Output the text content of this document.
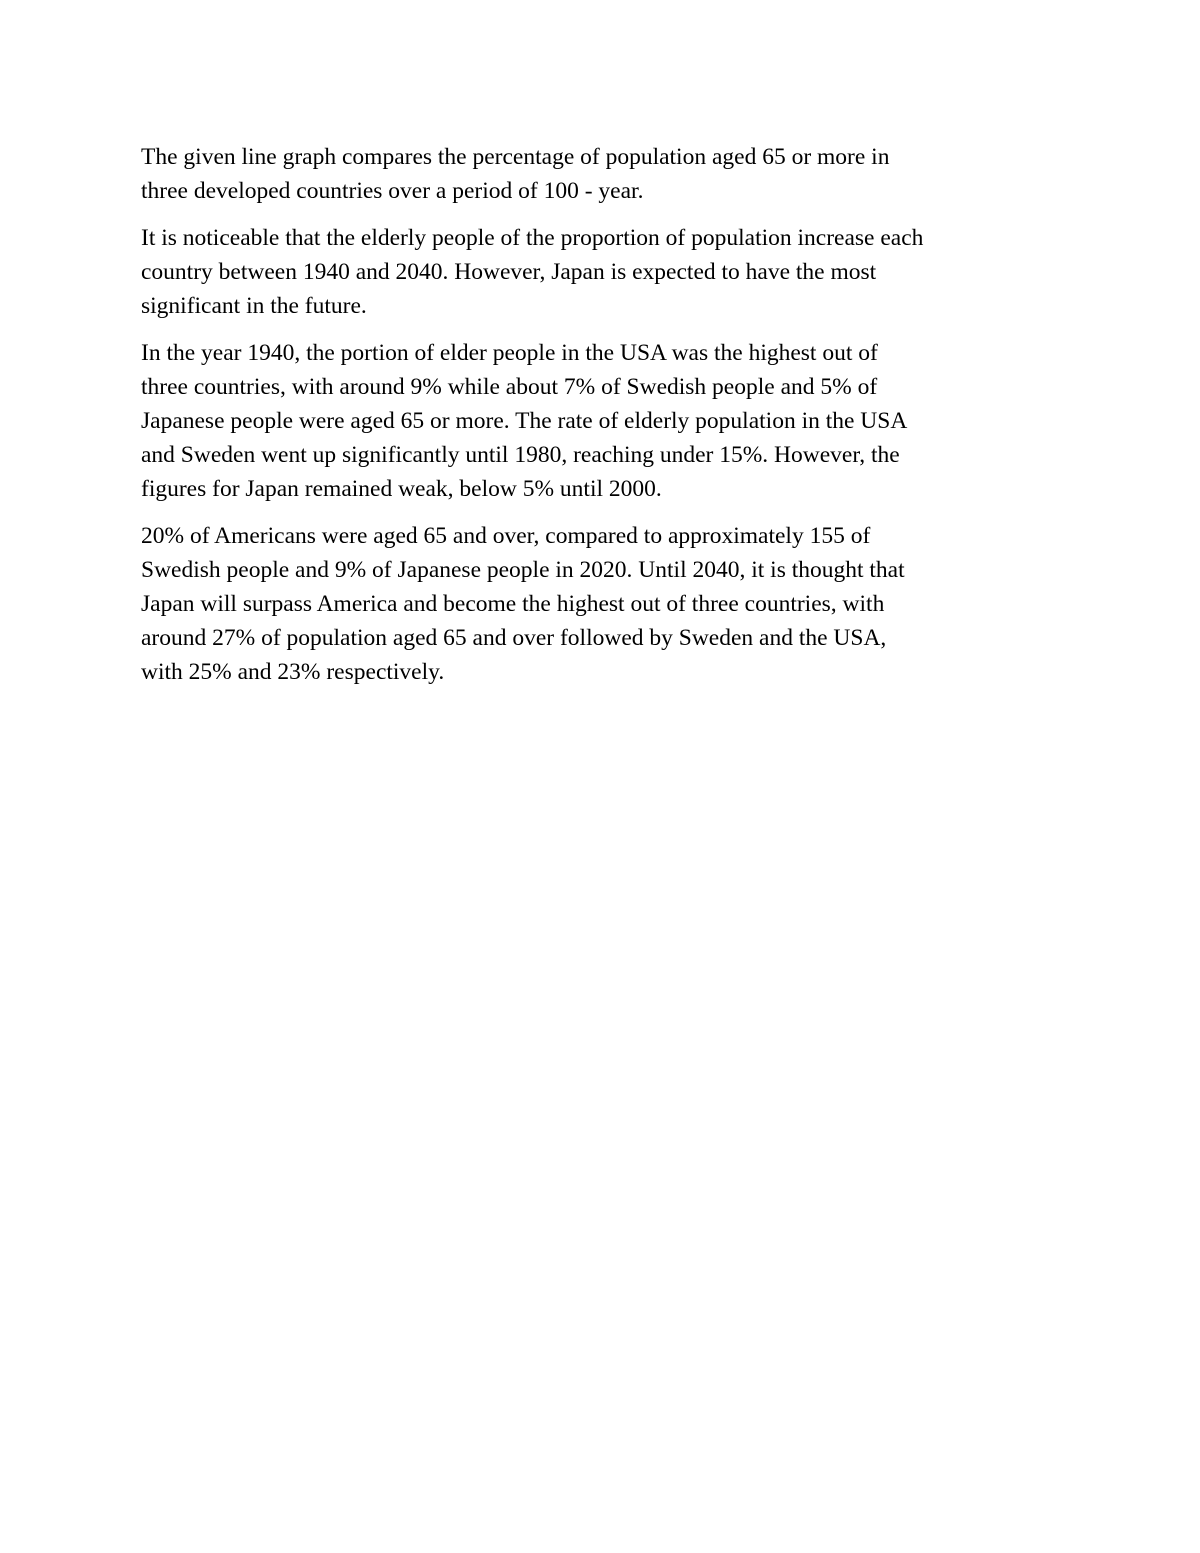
The given line graph compares the percentage of population aged 65 or more in
three developed countries over a period of 100 - year.

It is noticeable that the elderly people of the proportion of population increase each
country between 1940 and 2040. However, Japan is expected to have the most
significant in the future.

In the year 1940, the portion of elder people in the USA was the highest out of
three countries, with around 9% while about 7% of Swedish people and 5% of
Japanese people were aged 65 or more. The rate of elderly population in the USA
and Sweden went up significantly until 1980, reaching under 15%. However, the
figures for Japan remained weak, below 5% until 2000.

20% of Americans were aged 65 and over, compared to approximately 155 of
Swedish people and 9% of Japanese people in 2020. Until 2040, it is thought that
Japan will surpass America and become the highest out of three countries, with
around 27% of population aged 65 and over followed by Sweden and the USA,
with 25% and 23% respectively.
